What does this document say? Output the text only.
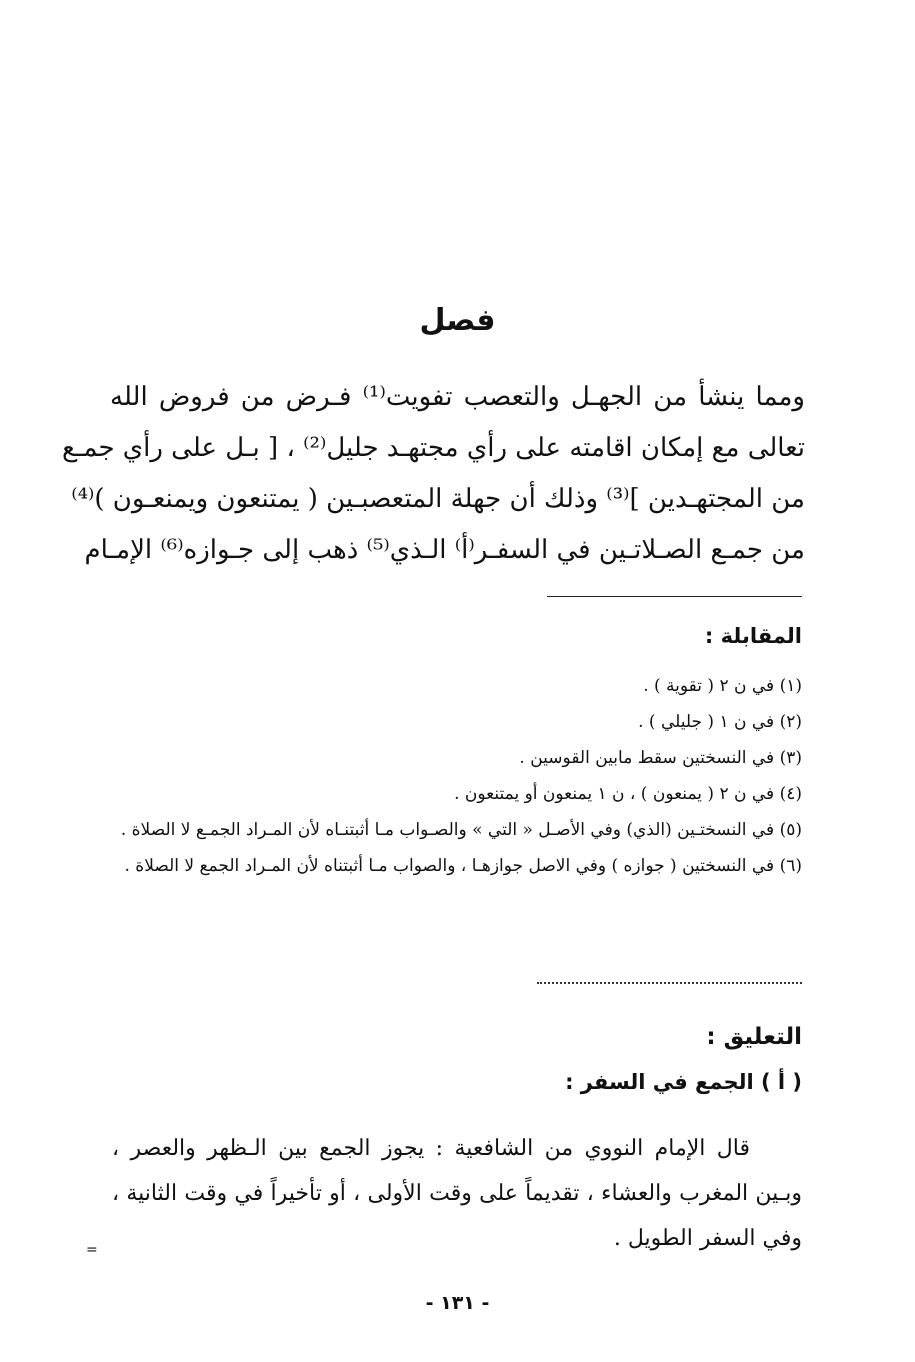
فصل
ومما ينشأ من الجهـل والتعصب تفويت⁽¹⁾ فـرض من فروض الله
تعالى مع إمكان اقامته على رأي مجتهـد جليل⁽²⁾ ، [ بـل على رأي جمـع
من المجتهـدين ]⁽³⁾ وذلك أن جهلة المتعصبـين ( يمتنعون ويمنعـون )⁽⁴⁾
من جمـع الصـلاتـين في السفـر⁽أ⁾ الـذي⁽⁵⁾ ذهب إلى جـوازه⁽⁶⁾ الإمـام
المقابلة :
(١) في ن ٢ ( تقوية ) .
(٢) في ن ١ ( جليلي ) .
(٣) في النسختين سقط مابين القوسين .
(٤) في ن ٢ ( يمنعون ) ، ن ١ يمنعون أو يمتنعون .
(٥) في النسختـين (الذي) وفي الأصـل « التي » والصـواب مـا أثبتنـاه لأن المـراد الجمـع لا الصلاة .
(٦) في النسختين ( جوازه ) وفي الاصل جوازهـا ، والصواب مـا أثبتناه لأن المـراد الجمع لا الصلاة .
التعليق :
( أ ) الجمع في السفر :
قال الإمام النووي من الشافعية : يجوز الجمع بين الـظهر والعصر ، وبـين المغرب والعشاء ، تقديماً على وقت الأولى ، أو تأخيراً في وقت الثانية ، وفي السفر الطويل .
=
- ١٣١ -
